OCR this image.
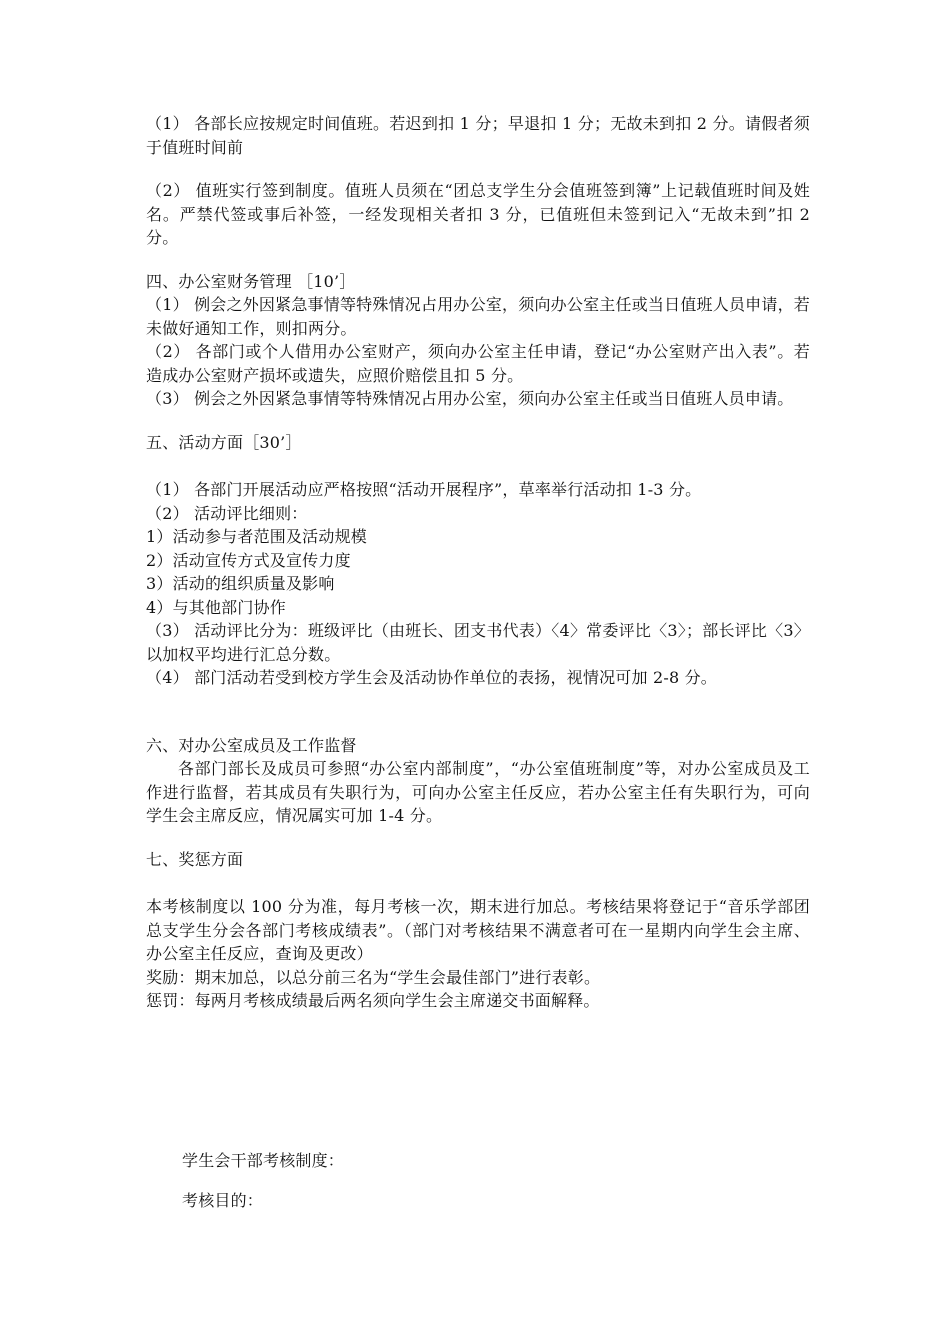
（1） 各部长应按规定时间值班。若迟到扣 1 分；早退扣 1 分；无故未到扣 2 分。请假者须于值班时间前

（2） 值班实行签到制度。值班人员须在“团总支学生分会值班签到簿”上记载值班时间及姓名。严禁代签或事后补签，一经发现相关者扣 3 分，已值班但未签到记入“无故未到”扣 2 分。

四、办公室财务管理 ［10’］

（1） 例会之外因紧急事情等特殊情况占用办公室，须向办公室主任或当日值班人员申请，若未做好通知工作，则扣两分。

（2） 各部门或个人借用办公室财产，须向办公室主任申请，登记“办公室财产出入表”。若造成办公室财产损坏或遗失，应照价赔偿且扣 5 分。

（3） 例会之外因紧急事情等特殊情况占用办公室，须向办公室主任或当日值班人员申请。

五、活动方面［30’］

（1） 各部门开展活动应严格按照“活动开展程序”，草率举行活动扣 1-3 分。

（2） 活动评比细则：

1）活动参与者范围及活动规模

2）活动宣传方式及宣传力度

3）活动的组织质量及影响

4）与其他部门协作

（3） 活动评比分为：班级评比（由班长、团支书代表）〈4〉常委评比〈3〉；部长评比〈3〉以加权平均进行汇总分数。

（4） 部门活动若受到校方学生会及活动协作单位的表扬，视情况可加 2-8 分。

六、对办公室成员及工作监督

各部门部长及成员可参照“办公室内部制度”，“办公室值班制度”等，对办公室成员及工作进行监督，若其成员有失职行为，可向办公室主任反应，若办公室主任有失职行为，可向学生会主席反应，情况属实可加 1-4 分。

七、奖惩方面

本考核制度以 100 分为准，每月考核一次，期末进行加总。考核结果将登记于“音乐学部团总支学生分会各部门考核成绩表”。（部门对考核结果不满意者可在一星期内向学生会主席、办公室主任反应，查询及更改）

奖励：期末加总，以总分前三名为“学生会最佳部门”进行表彰。

惩罚：每两月考核成绩最后两名须向学生会主席递交书面解释。

学生会干部考核制度：

考核目的：
